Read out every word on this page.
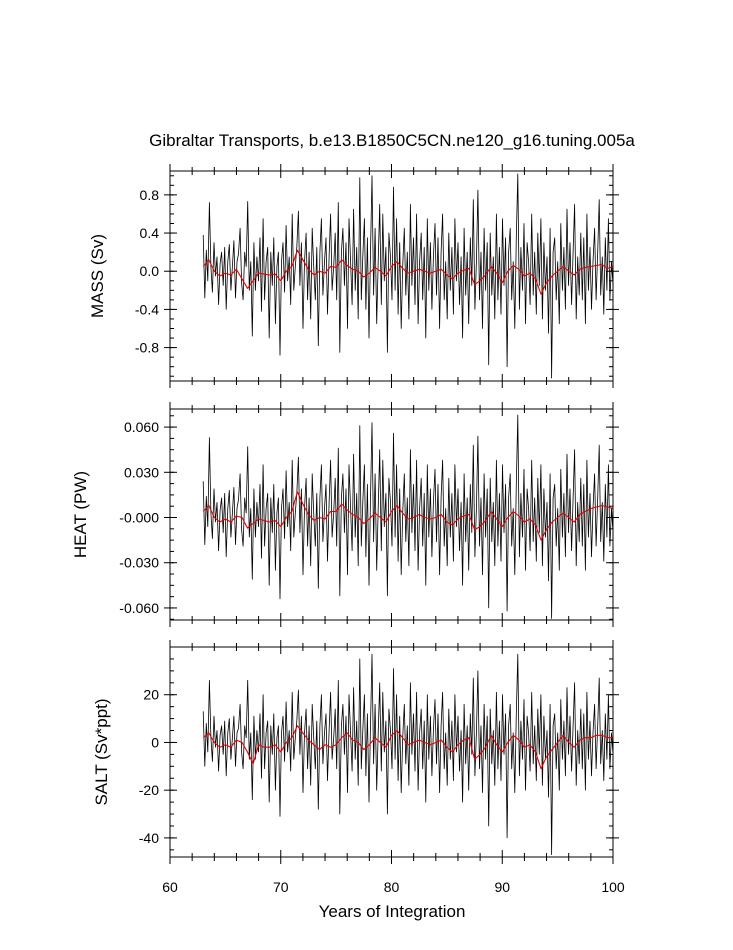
Gibraltar Transports, b.e13.B1850C5CN.ne120_g16.tuning.005a
Years of Integration
0.8
0.4
0.0
-0.4
-0.8
MASS (Sv)
0.060
0.030
-0.000
-0.030
-0.060
HEAT (PW)
20
0
-20
-40
60	70	80	90	100
SALT (Sv*ppt)
